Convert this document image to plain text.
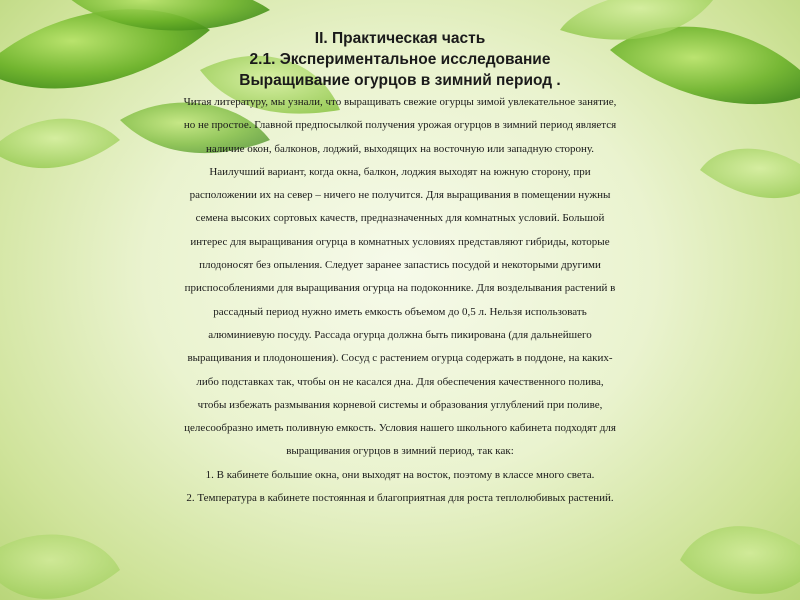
II. Практическая часть

2.1. Экспериментальное исследование

Выращивание огурцов в зимний период .

Читая литературу, мы узнали, что выращивать свежие огурцы зимой увлекательное занятие,
но не простое. Главной предпосылкой получения урожая огурцов в зимний период является
наличие окон, балконов, лоджий, выходящих на восточную или западную сторону.
Наилучший вариант, когда окна, балкон, лоджия выходят на южную сторону, при
расположении их на север – ничего не получится. Для выращивания в помещении нужны
семена высоких сортовых качеств, предназначенных для комнатных условий. Большой
интерес для выращивания огурца в комнатных условиях представляют гибриды, которые
плодоносят без опыления. Следует заранее запастись посудой и некоторыми другими
приспособлениями для выращивания огурца на подоконнике. Для возделывания растений в
рассадный период нужно иметь емкость объемом до 0,5 л. Нельзя использовать
алюминиевую посуду. Рассада огурца должна быть пикирована (для дальнейшего
выращивания и плодоношения). Сосуд с растением огурца содержать в поддоне, на каких-
либо подставках так, чтобы он не касался дна. Для обеспечения качественного полива,
чтобы избежать размывания корневой системы и образования углублений при поливе,
целесообразно иметь поливную емкость. Условия нашего школьного кабинета подходят для
выращивания огурцов в зимний период, так как:
1. В кабинете большие окна, они выходят на восток, поэтому в классе много света.
2. Температура в кабинете постоянная и благоприятная для роста теплолюбивых растений.
